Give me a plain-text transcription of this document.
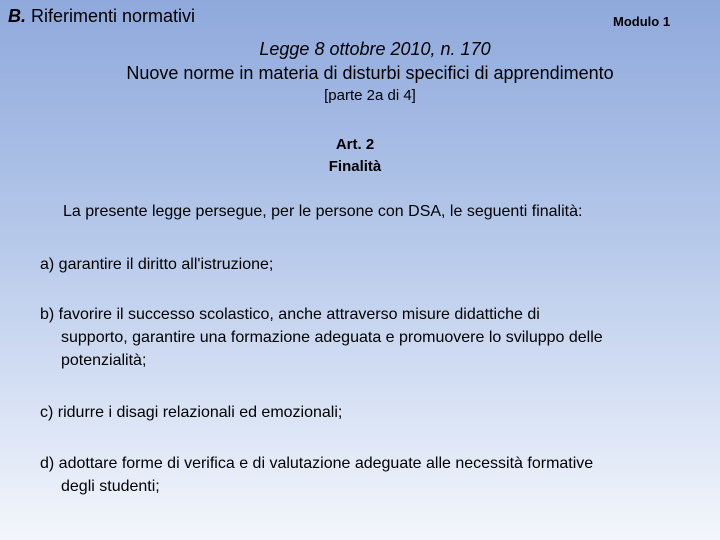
B. Riferimenti normativi	Modulo 1
Legge 8 ottobre 2010, n. 170
Nuove norme in materia di disturbi specifici di apprendimento
[parte 2a di 4]
Art. 2
Finalità
La presente legge persegue, per le persone con DSA, le seguenti finalità:
a) garantire il diritto all'istruzione;
b) favorire il successo scolastico, anche attraverso misure didattiche di
supporto, garantire una formazione adeguata e promuovere lo sviluppo delle
potenzialità;
c) ridurre i disagi relazionali ed emozionali;
d) adottare forme di verifica e di valutazione adeguate alle necessità formative
degli studenti;
